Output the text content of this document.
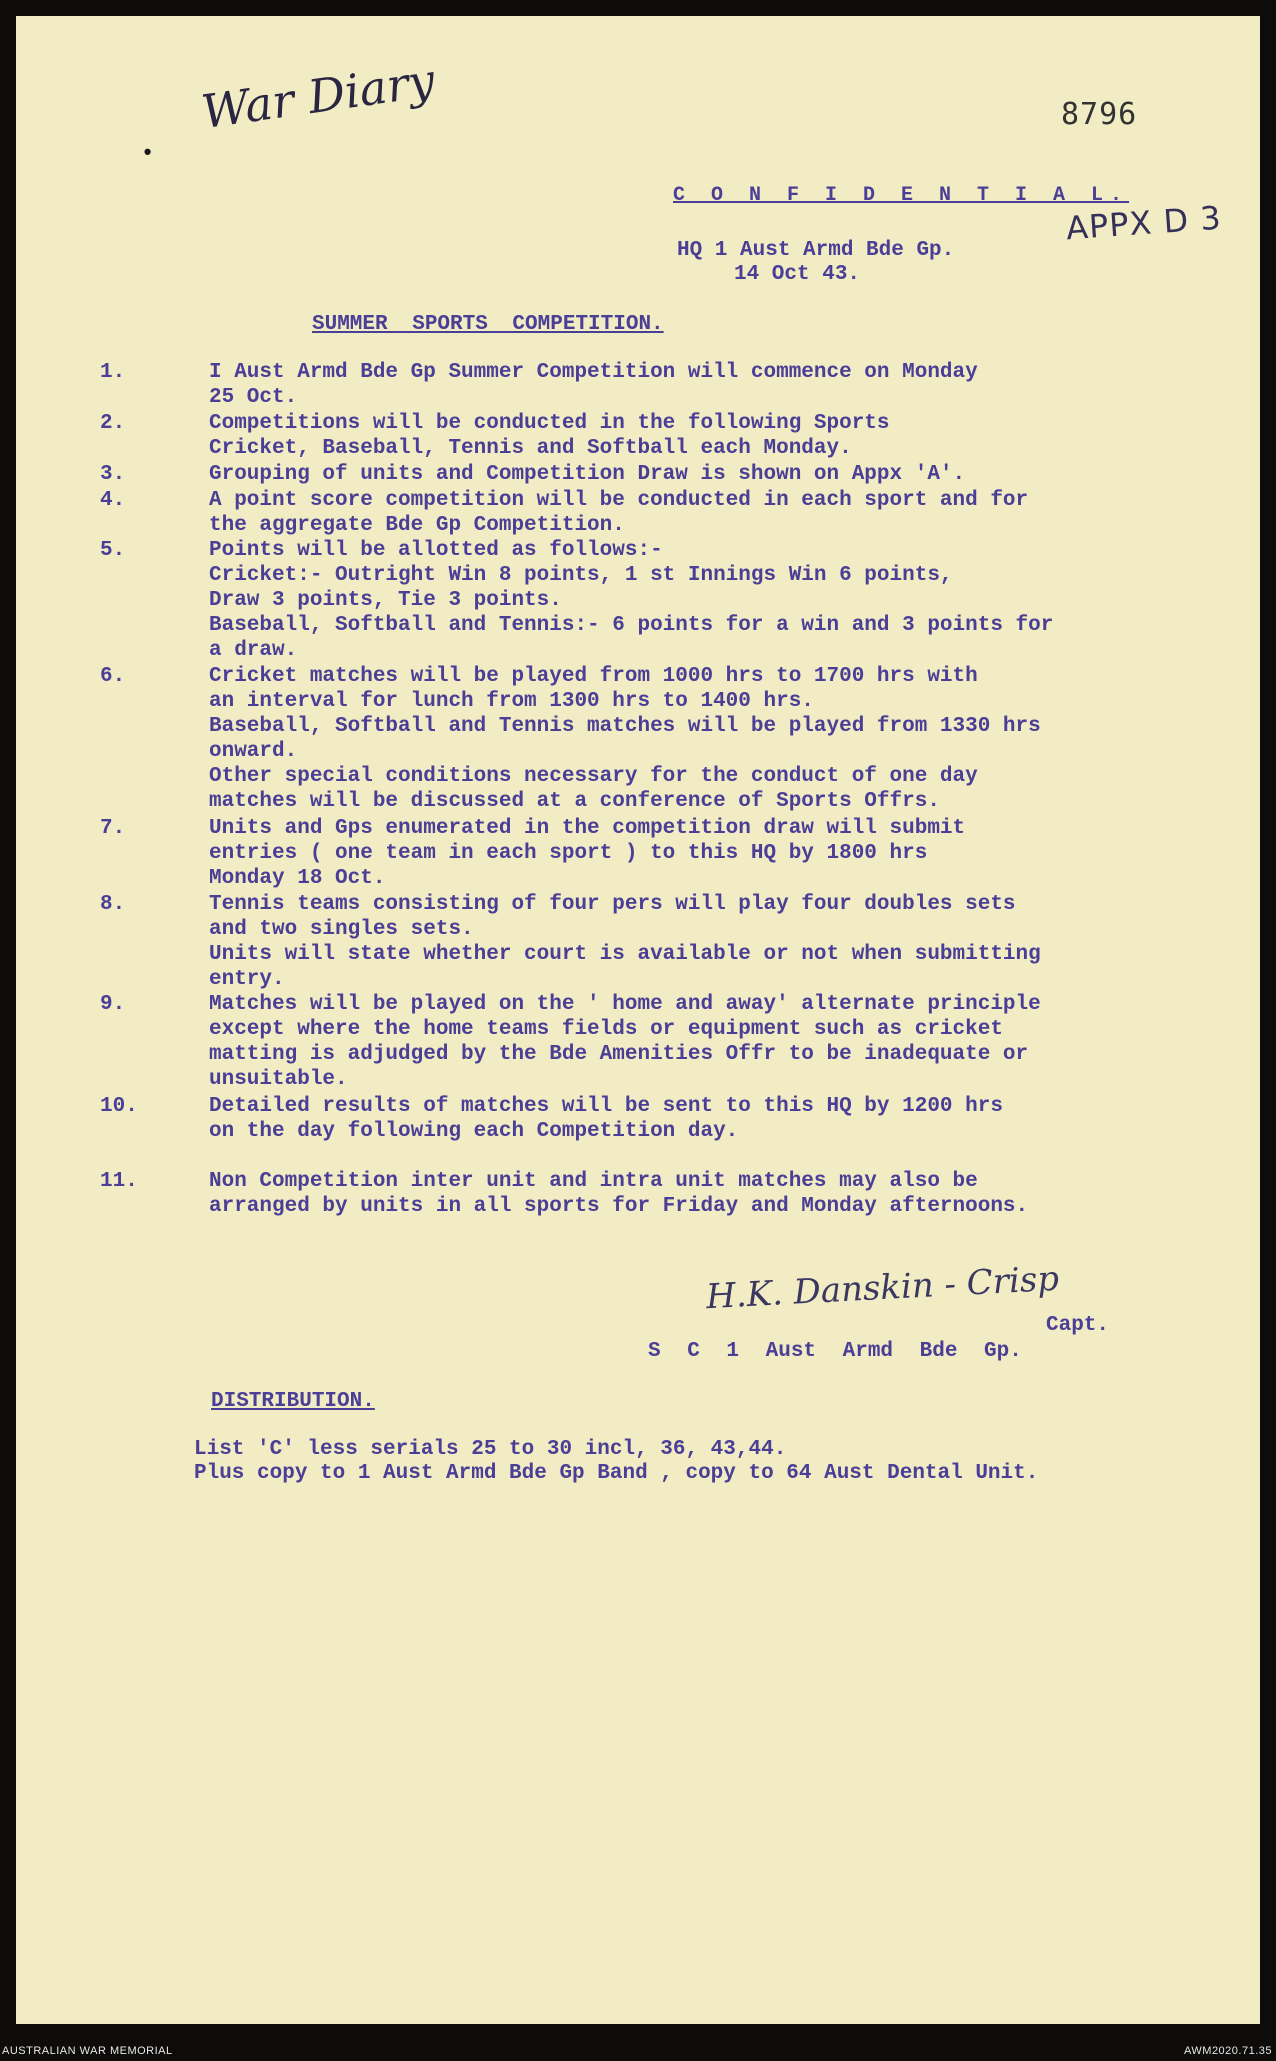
•
War Diary	8796
C O N F I D E N T I A L.
APPX D 3
HQ 1 Aust Armd Bde Gp.
14 Oct 43.
SUMMER SPORTS COMPETITION.
1.	I Aust Armd Bde Gp Summer Competition will commence on Monday
25 Oct.
2.	Competitions will be conducted in the following Sports
Cricket, Baseball, Tennis and Softball each Monday.
3.	Grouping of units and Competition Draw is shown on Appx 'A'.
4.	A point score competition will be conducted in each sport and for
the aggregate Bde Gp Competition.
5.	Points will be allotted as follows:-
Cricket:- Outright Win 8 points, 1 st Innings Win 6 points,
Draw 3 points, Tie 3 points.
Baseball, Softball and Tennis:- 6 points for a win and 3 points for
a draw.
6.	Cricket matches will be played from 1000 hrs to 1700 hrs with
an interval for lunch from 1300 hrs to 1400 hrs.
Baseball, Softball and Tennis matches will be played from 1330 hrs
onward.
Other special conditions necessary for the conduct of one day
matches will be discussed at a conference of Sports Offrs.
7.	Units and Gps enumerated in the competition draw will submit
entries ( one team in each sport ) to this HQ by 1800 hrs
Monday 18 Oct.
8.	Tennis teams consisting of four pers will play four doubles sets
and two singles sets.
Units will state whether court is available or not when submitting
entry.
9.	Matches will be played on the ' home and away' alternate principle
except where the home teams fields or equipment such as cricket
matting is adjudged by the Bde Amenities Offr to be inadequate or
unsuitable.
10.	Detailed results of matches will be sent to this HQ by 1200 hrs
on the day following each Competition day.
11.	Non Competition inter unit and intra unit matches may also be
arranged by units in all sports for Friday and Monday afternoons.
H.K. Danskin - Crisp
Capt.
S C 1 Aust Armd Bde Gp.
DISTRIBUTION.
List 'C' less serials 25 to 30 incl, 36, 43,44.
Plus copy to 1 Aust Armd Bde Gp Band , copy to 64 Aust Dental Unit.
AUSTRALIAN WAR MEMORIAL	AWM2020.71.35
